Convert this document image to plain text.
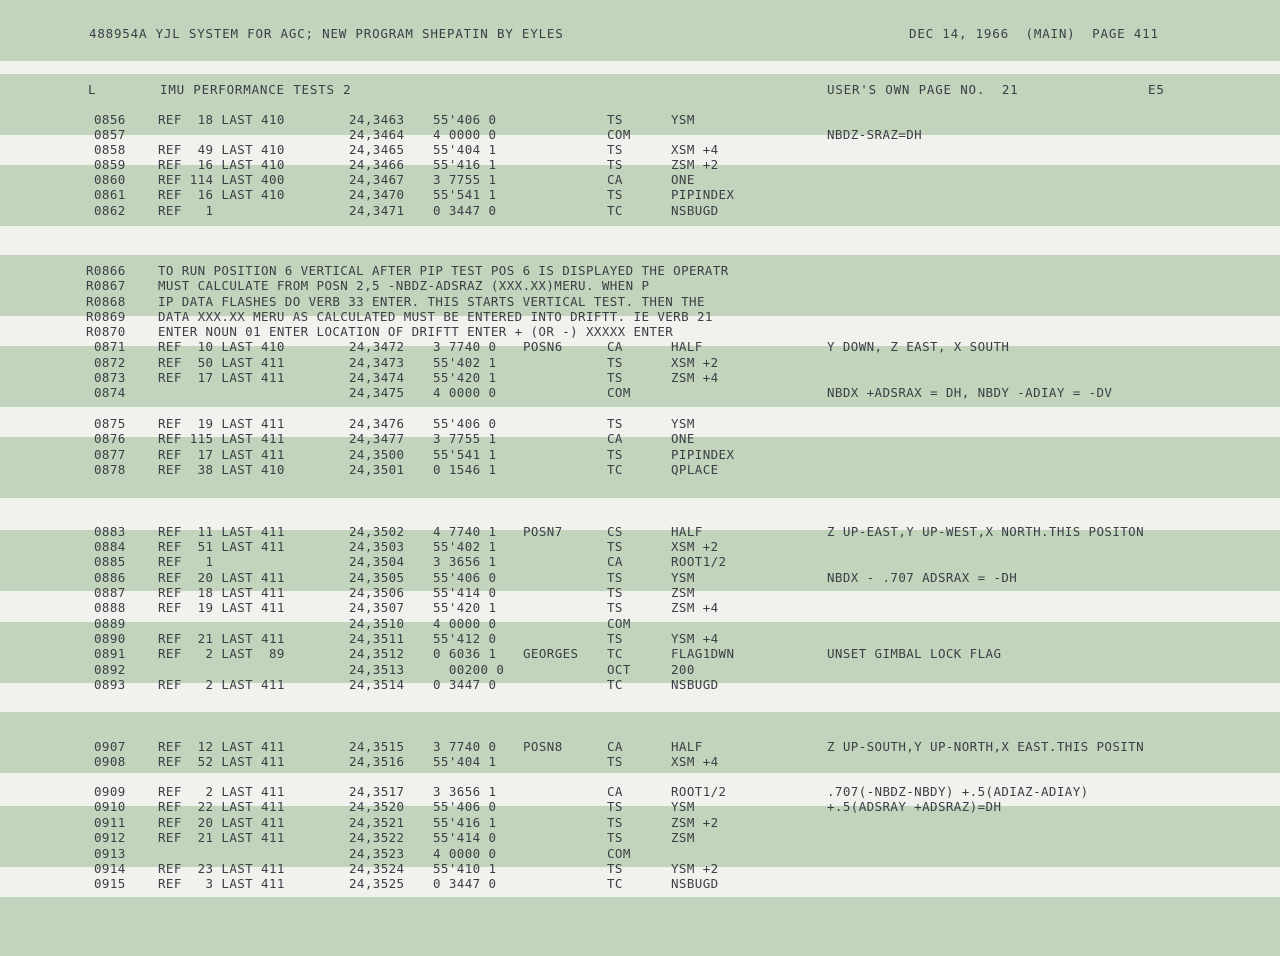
488954A YJL SYSTEM FOR AGC; NEW PROGRAM SHEPATIN BY EYLES	DEC 14, 1966  (MAIN)  PAGE 411
L	IMU PERFORMANCE TESTS 2	USER'S OWN PAGE NO.  21	E5
0856	REF  18 LAST 410	24,3463 55'406 0	TS	YSM
0857	24,3464 4 0000 0	COM	NBDZ-SRAZ=DH
0858	REF  49 LAST 410	24,3465 55'404 1	TS	XSM +4
0859	REF  16 LAST 410	24,3466 55'416 1	TS	ZSM +2
0860	REF 114 LAST 400	24,3467 3 7755 1	CA	ONE
0861	REF  16 LAST 410	24,3470 55'541 1	TS	PIPINDEX
0862	REF   1	24,3471 0 3447 0	TC	NSBUGD
R0866	TO RUN POSITION 6 VERTICAL AFTER PIP TEST POS 6 IS DISPLAYED THE OPERATR
R0867	MUST CALCULATE FROM POSN 2,5 -NBDZ-ADSRAZ (XXX.XX)MERU. WHEN P
R0868	IP DATA FLASHES DO VERB 33 ENTER. THIS STARTS VERTICAL TEST. THEN THE
R0869	DATA XXX.XX MERU AS CALCULATED MUST BE ENTERED INTO DRIFTT. IE VERB 21
R0870	ENTER NOUN 01 ENTER LOCATION OF DRIFTT ENTER + (OR -) XXXXX ENTER
0871	REF  10 LAST 410	24,3472 3 7740 0 POSN6	CA	HALF	Y DOWN, Z EAST, X SOUTH
0872	REF  50 LAST 411	24,3473 55'402 1	TS	XSM +2
0873	REF  17 LAST 411	24,3474 55'420 1	TS	ZSM +4
0874	24,3475 4 0000 0	COM	NBDX +ADSRAX = DH, NBDY -ADIAY = -DV
0875	REF  19 LAST 411	24,3476 55'406 0	TS	YSM
0876	REF 115 LAST 411	24,3477 3 7755 1	CA	ONE
0877	REF  17 LAST 411	24,3500 55'541 1	TS	PIPINDEX
0878	REF  38 LAST 410	24,3501 0 1546 1	TC	QPLACE
0883	REF  11 LAST 411	24,3502 4 7740 1 POSN7	CS	HALF	Z UP-EAST,Y UP-WEST,X NORTH.THIS POSITON
0884	REF  51 LAST 411	24,3503 55'402 1	TS	XSM +2
0885	REF   1	24,3504 3 3656 1	CA	ROOT1/2
0886	REF  20 LAST 411	24,3505 55'406 0	TS	YSM	NBDX - .707 ADSRAX = -DH
0887	REF  18 LAST 411	24,3506 55'414 0	TS	ZSM
0888	REF  19 LAST 411	24,3507 55'420 1	TS	ZSM +4
0889	24,3510 4 0000 0	COM
0890	REF  21 LAST 411	24,3511 55'412 0	TS	YSM +4
0891	REF   2 LAST  89	24,3512 0 6036 1 GEORGES TC	FLAG1DWN	UNSET GIMBAL LOCK FLAG
0892	24,3513 00200 0	OCT	200
0893	REF   2 LAST 411	24,3514 0 3447 0	TC	NSBUGD
0907	REF  12 LAST 411	24,3515 3 7740 0 POSN8	CA	HALF	Z UP-SOUTH,Y UP-NORTH,X EAST.THIS POSITN
0908	REF  52 LAST 411	24,3516 55'404 1	TS	XSM +4
0909	REF   2 LAST 411	24,3517 3 3656 1	CA	ROOT1/2	.707(-NBDZ-NBDY) +.5(ADIAZ-ADIAY)
0910	REF  22 LAST 411	24,3520 55'406 0	TS	YSM	+.5(ADSRAY +ADSRAZ)=DH
0911	REF  20 LAST 411	24,3521 55'416 1	TS	ZSM +2
0912	REF  21 LAST 411	24,3522 55'414 0	TS	ZSM
0913	24,3523 4 0000 0	COM
0914	REF  23 LAST 411	24,3524 55'410 1	TS	YSM +2
0915	REF   3 LAST 411	24,3525 0 3447 0	TC	NSBUGD
